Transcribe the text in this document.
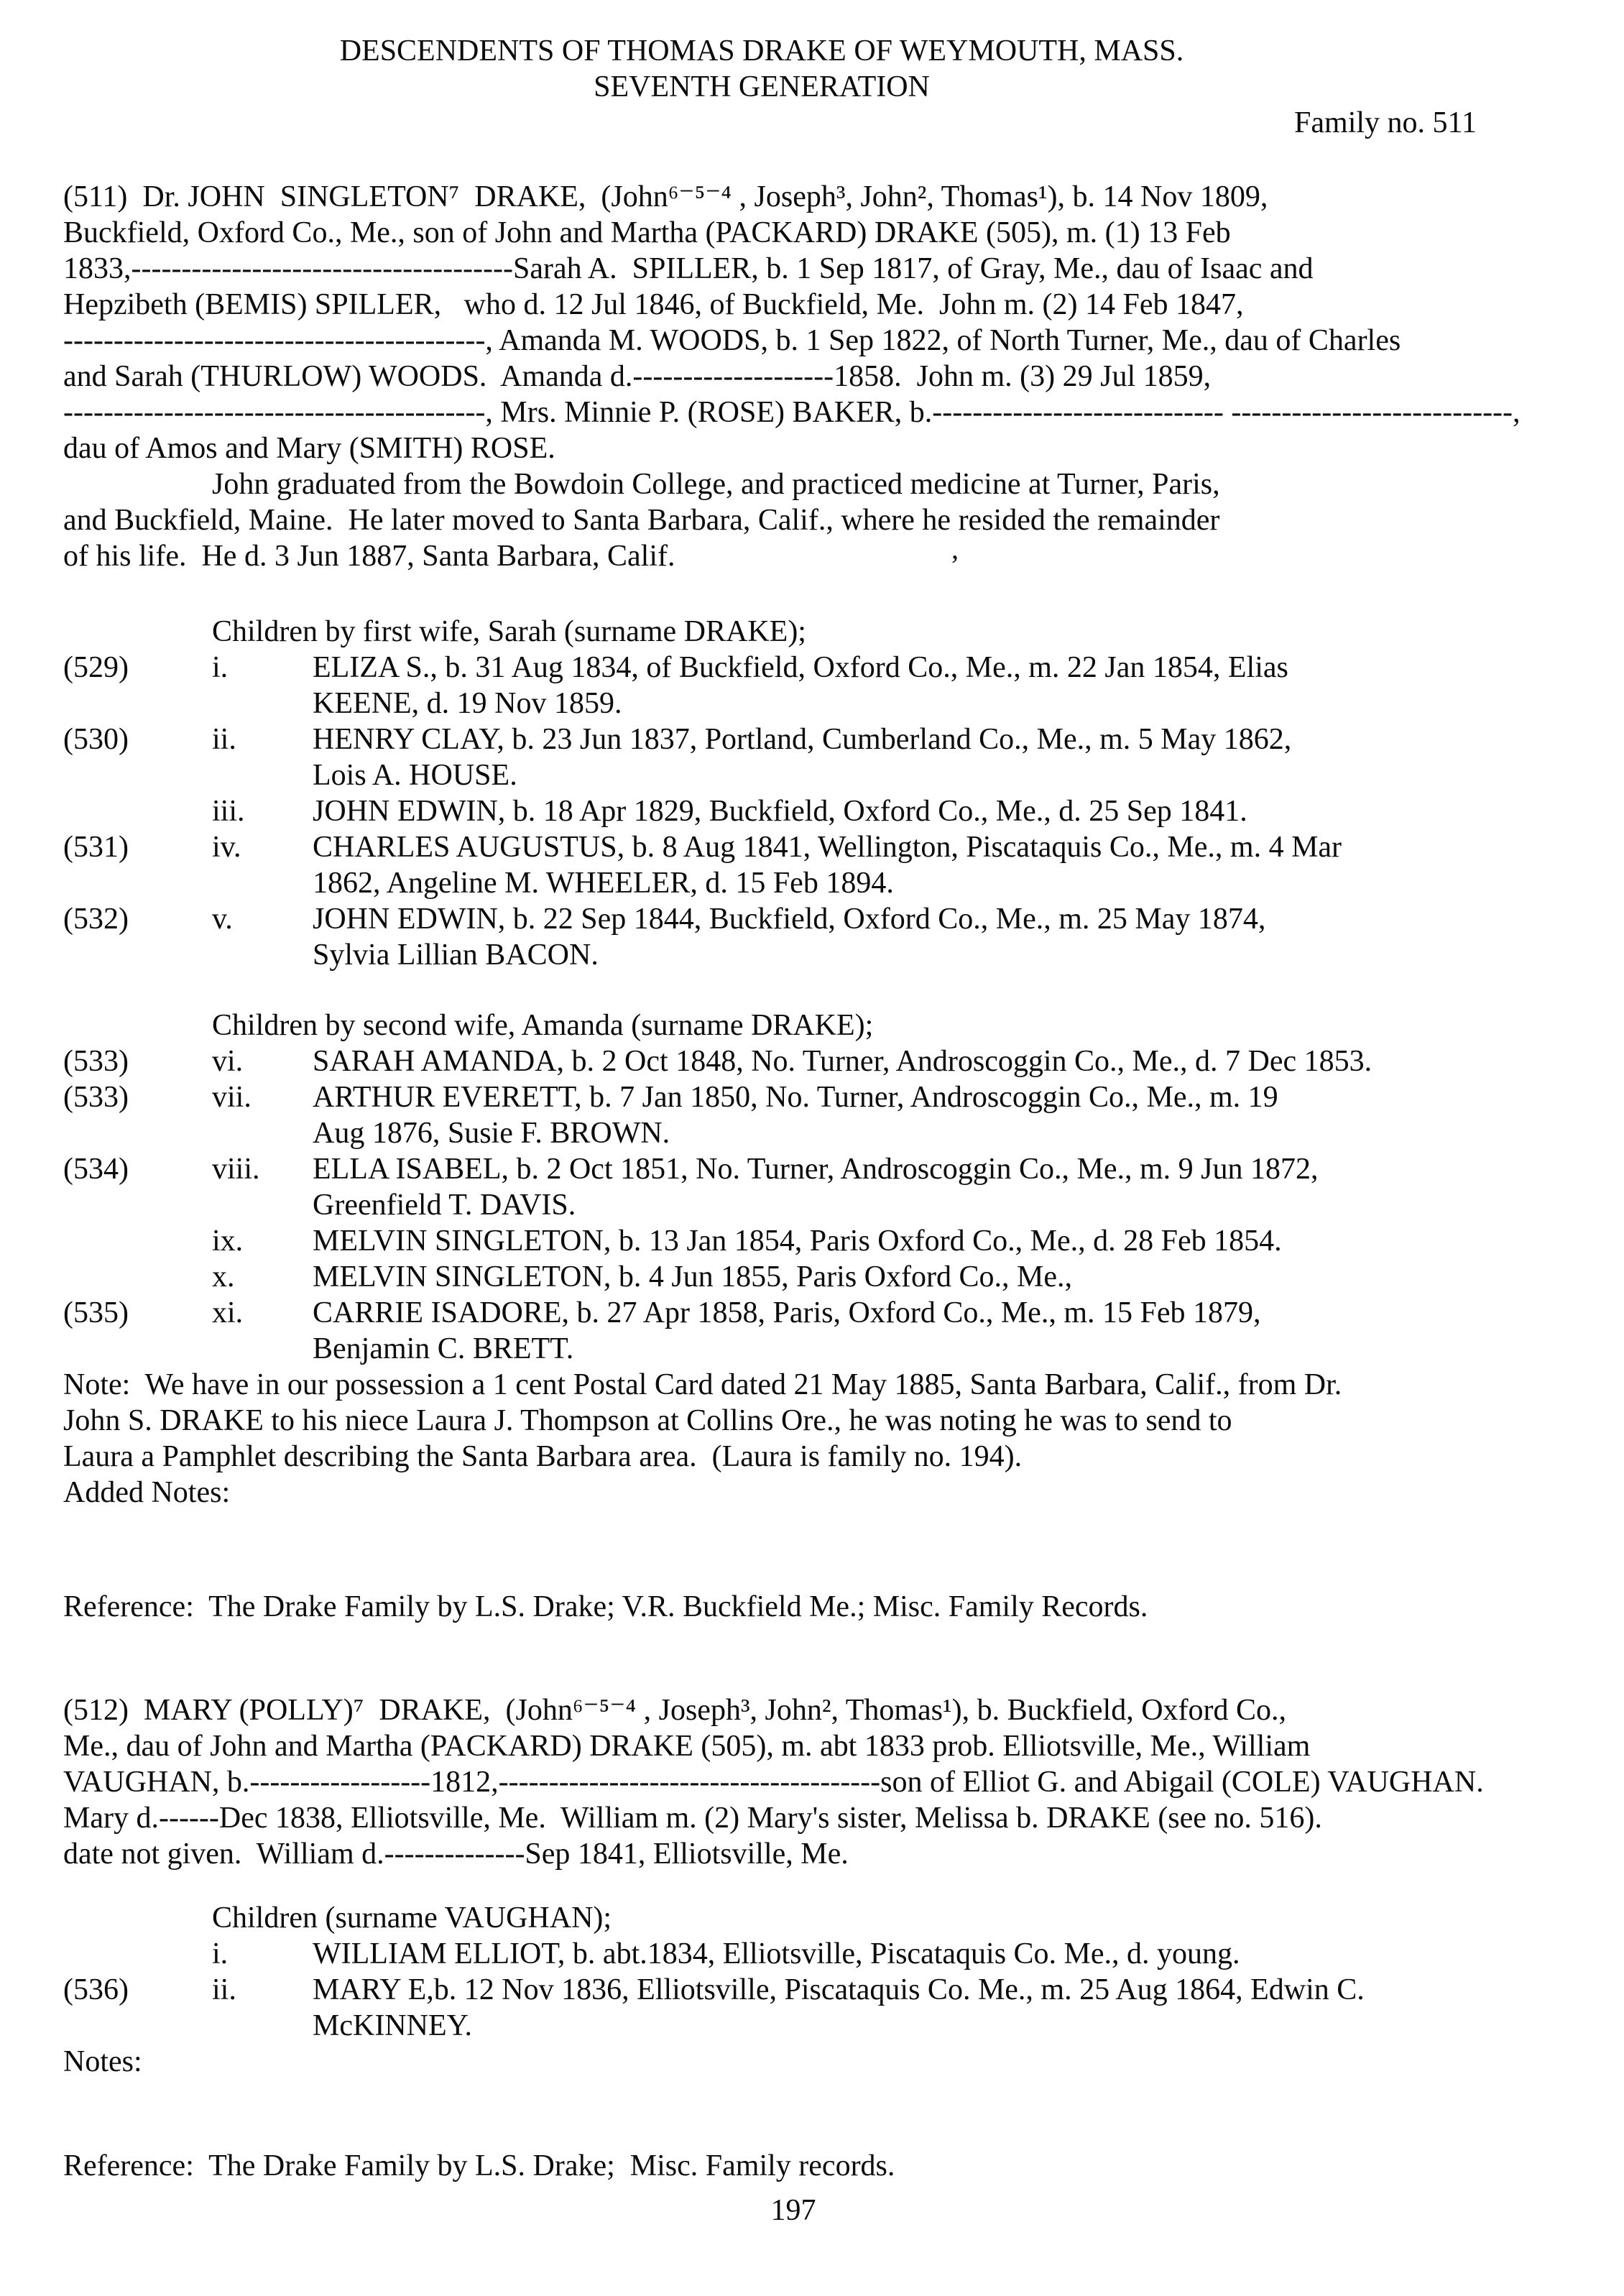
DESCENDENTS OF THOMAS DRAKE OF WEYMOUTH, MASS.
SEVENTH GENERATION
Family no. 511
(511)  Dr. JOHN  SINGLETON⁷  DRAKE,  (John⁶⁻⁵⁻⁴ , Joseph³, John², Thomas¹), b. 14 Nov 1809,
Buckfield, Oxford Co., Me., son of John and Martha (PACKARD) DRAKE (505), m. (1) 13 Feb
1833,--------------------------------------Sarah A.  SPILLER, b. 1 Sep 1817, of Gray, Me., dau of Isaac and
Hepzibeth (BEMIS) SPILLER,   who d. 12 Jul 1846, of Buckfield, Me.  John m. (2) 14 Feb 1847,
------------------------------------------, Amanda M. WOODS, b. 1 Sep 1822, of North Turner, Me., dau of Charles
and Sarah (THURLOW) WOODS.  Amanda d.--------------------1858.  John m. (3) 29 Jul 1859,
------------------------------------------, Mrs. Minnie P. (ROSE) BAKER, b.----------------------------- ----------------------------,
dau of Amos and Mary (SMITH) ROSE.
John graduated from the Bowdoin College, and practiced medicine at Turner, Paris,
and Buckfield, Maine.  He later moved to Santa Barbara, Calif., where he resided the remainder
of his life.  He d. 3 Jun 1887, Santa Barbara, Calif.
Children by first wife, Sarah (surname DRAKE);
(529)	i.	ELIZA S., b. 31 Aug 1834, of Buckfield, Oxford Co., Me., m. 22 Jan 1854, Elias
KEENE, d. 19 Nov 1859.
(530)	ii.	HENRY CLAY, b. 23 Jun 1837, Portland, Cumberland Co., Me., m. 5 May 1862,
Lois A. HOUSE.
iii.	JOHN EDWIN, b. 18 Apr 1829, Buckfield, Oxford Co., Me., d. 25 Sep 1841.
(531)	iv.	CHARLES AUGUSTUS, b. 8 Aug 1841, Wellington, Piscataquis Co., Me., m. 4 Mar
1862, Angeline M. WHEELER, d. 15 Feb 1894.
(532)	v.	JOHN EDWIN, b. 22 Sep 1844, Buckfield, Oxford Co., Me., m. 25 May 1874,
Sylvia Lillian BACON.
Children by second wife, Amanda (surname DRAKE);
(533)	vi.	SARAH AMANDA, b. 2 Oct 1848, No. Turner, Androscoggin Co., Me., d. 7 Dec 1853.
(533)	vii.	ARTHUR EVERETT, b. 7 Jan 1850, No. Turner, Androscoggin Co., Me., m. 19
Aug 1876, Susie F. BROWN.
(534)	viii.	ELLA ISABEL, b. 2 Oct 1851, No. Turner, Androscoggin Co., Me., m. 9 Jun 1872,
Greenfield T. DAVIS.
ix.	MELVIN SINGLETON, b. 13 Jan 1854, Paris Oxford Co., Me., d. 28 Feb 1854.
x.	MELVIN SINGLETON, b. 4 Jun 1855, Paris Oxford Co., Me.,
(535)	xi.	CARRIE ISADORE, b. 27 Apr 1858, Paris, Oxford Co., Me., m. 15 Feb 1879,
Benjamin C. BRETT.
Note:  We have in our possession a 1 cent Postal Card dated 21 May 1885, Santa Barbara, Calif., from Dr.
John S. DRAKE to his niece Laura J. Thompson at Collins Ore., he was noting he was to send to
Laura a Pamphlet describing the Santa Barbara area.  (Laura is family no. 194).
Added Notes:
Reference:  The Drake Family by L.S. Drake; V.R. Buckfield Me.; Misc. Family Records.
(512)  MARY (POLLY)⁷  DRAKE,  (John⁶⁻⁵⁻⁴ , Joseph³, John², Thomas¹), b. Buckfield, Oxford Co.,
Me., dau of John and Martha (PACKARD) DRAKE (505), m. abt 1833 prob. Elliotsville, Me., William
VAUGHAN, b.------------------1812,--------------------------------------son of Elliot G. and Abigail (COLE) VAUGHAN.
Mary d.------Dec 1838, Elliotsville, Me.  William m. (2) Mary's sister, Melissa b. DRAKE (see no. 516).
date not given.  William d.--------------Sep 1841, Elliotsville, Me.
Children (surname VAUGHAN);
i.	WILLIAM ELLIOT, b. abt.1834, Elliotsville, Piscataquis Co. Me., d. young.
(536)	ii.	MARY E,b. 12 Nov 1836, Elliotsville, Piscataquis Co. Me., m. 25 Aug 1864, Edwin C.
McKINNEY.
Notes:
Reference:  The Drake Family by L.S. Drake;  Misc. Family records.
197
ʼ
